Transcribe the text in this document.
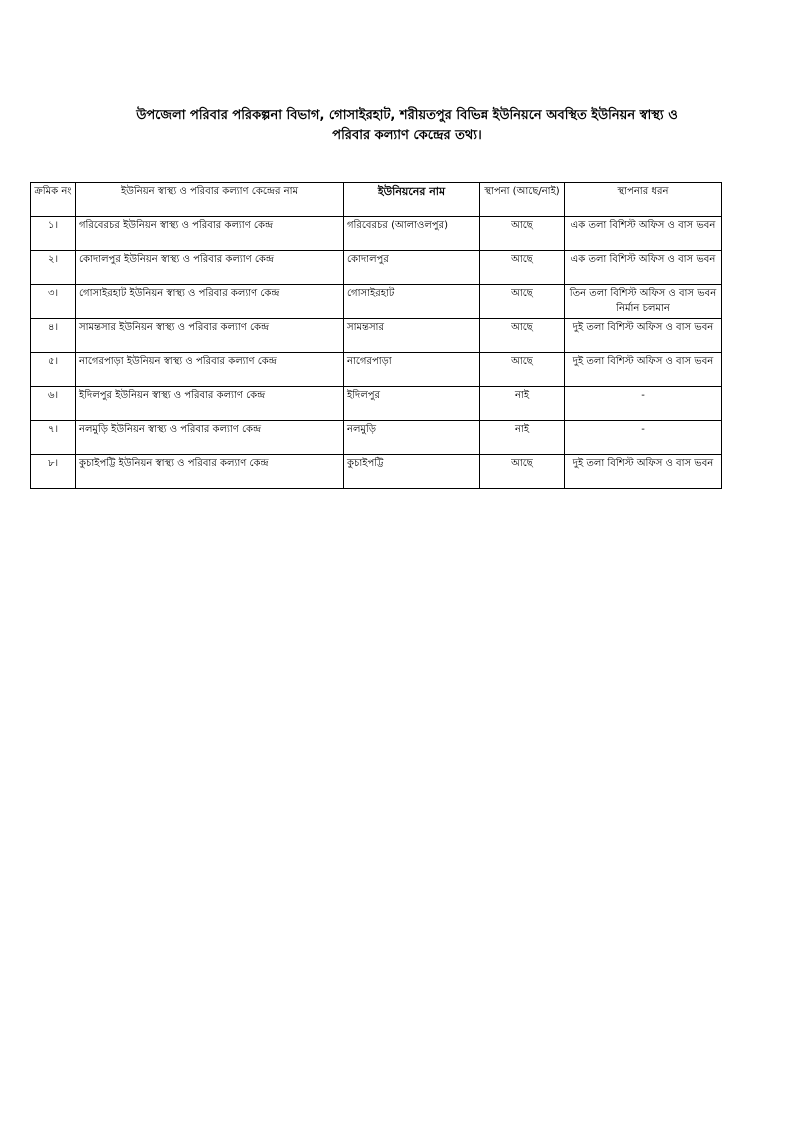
উপজেলা পরিবার পরিকল্পনা বিভাগ, গোসাইরহাট, শরীয়তপুর বিভিন্ন ইউনিয়নে অবস্থিত ইউনিয়ন স্বাস্থ্য ও
পরিবার কল্যাণ কেন্দ্রের তথ্য।
ক্রমিক নং	ইউনিয়ন স্বাস্থ্য ও পরিবার কল্যাণ কেন্দ্রের নাম	ইউনিয়নের নাম	স্থাপনা (আছে/নাই)	স্থাপনার ধরন
১।	গরিবেরচর ইউনিয়ন স্বাস্থ্য ও পরিবার কল্যাণ কেন্দ্র	গরিবেরচর (আলাওলপুর)	আছে	এক তলা বিশিস্ট অফিস ও বাস ভবন
২।	কোদালপুর ইউনিয়ন স্বাস্থ্য ও পরিবার কল্যাণ কেন্দ্র	কোদালপুর	আছে	এক তলা বিশিস্ট অফিস ও বাস ভবন
৩।	গোসাইরহাট ইউনিয়ন স্বাস্থ্য ও পরিবার কল্যাণ কেন্দ্র	গোসাইরহাট	আছে	তিন তলা বিশিস্ট অফিস ও বাস ভবন নির্মান চলমান
৪।	সামন্তসার ইউনিয়ন স্বাস্থ্য ও পরিবার কল্যাণ কেন্দ্র	সামন্তসার	আছে	দুই তলা বিশিস্ট অফিস ও বাস ভবন
৫।	নাগেরপাড়া ইউনিয়ন স্বাস্থ্য ও পরিবার কল্যাণ কেন্দ্র	নাগেরপাড়া	আছে	দুই তলা বিশিস্ট অফিস ও বাস ভবন
৬।	ইদিলপুর ইউনিয়ন স্বাস্থ্য ও পরিবার কল্যাণ কেন্দ্র	ইদিলপুর	নাই	-
৭।	নলমুড়ি ইউনিয়ন স্বাস্থ্য ও পরিবার কল্যাণ কেন্দ্র	নলমুড়ি	নাই	-
৮।	কুচাইপট্টি ইউনিয়ন স্বাস্থ্য ও পরিবার কল্যাণ কেন্দ্র	কুচাইপট্টি	আছে	দুই তলা বিশিস্ট অফিস ও বাস ভবন
